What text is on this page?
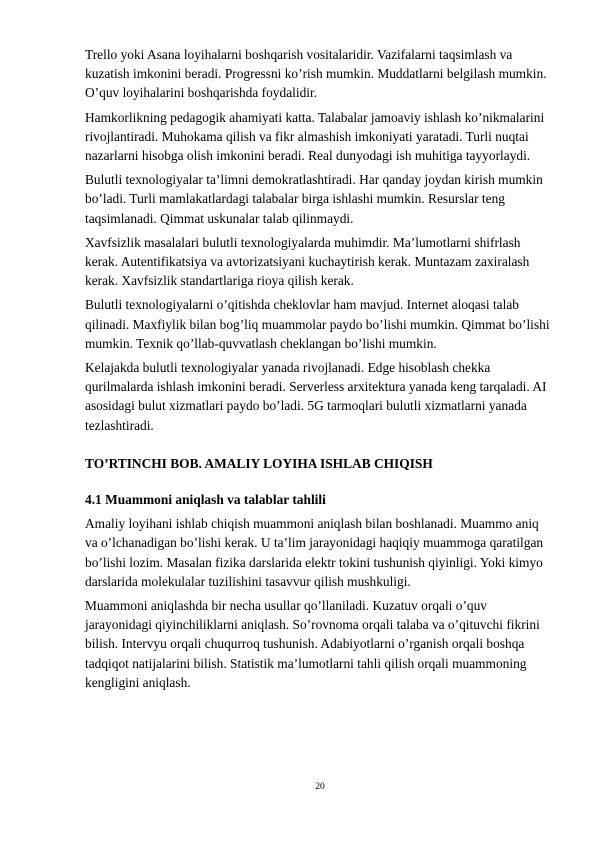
Trello yoki Asana loyihalarni boshqarish vositalaridir. Vazifalarni taqsimlash va kuzatish imkonini beradi. Progressni ko’rish mumkin. Muddatlarni belgilash mumkin. O’quv loyihalarini boshqarishda foydalidir.

Hamkorlikning pedagogik ahamiyati katta. Talabalar jamoaviy ishlash ko’nikmalarini rivojlantiradi. Muhokama qilish va fikr almashish imkoniyati yaratadi. Turli nuqtai nazarlarni hisobga olish imkonini beradi. Real dunyodagi ish muhitiga tayyorlaydi.

Bulutli texnologiyalar ta’limni demokratlashtiradi. Har qanday joydan kirish mumkin bo’ladi. Turli mamlakatlardagi talabalar birga ishlashi mumkin. Resurslar teng taqsimlanadi. Qimmat uskunalar talab qilinmaydi.

Xavfsizlik masalalari bulutli texnologiyalarda muhimdir. Ma’lumotlarni shifrlash kerak. Autentifikatsiya va avtorizatsiyani kuchaytirish kerak. Muntazam zaxiralash kerak. Xavfsizlik standartlariga rioya qilish kerak.

Bulutli texnologiyalarni o’qitishda cheklovlar ham mavjud. Internet aloqasi talab qilinadi. Maxfiylik bilan bog’liq muammolar paydo bo’lishi mumkin. Qimmat bo’lishi mumkin. Texnik qo’llab-quvvatlash cheklangan bo’lishi mumkin.

Kelajakda bulutli texnologiyalar yanada rivojlanadi. Edge hisoblash chekka qurilmalarda ishlash imkonini beradi. Serverless arxitektura yanada keng tarqaladi. AI asosidagi bulut xizmatlari paydo bo’ladi. 5G tarmoqlari bulutli xizmatlarni yanada tezlashtiradi.

TO’RTINCHI BOB. AMALIY LOYIHA ISHLAB CHIQISH
4.1 Muammoni aniqlash va talablar tahlili

Amaliy loyihani ishlab chiqish muammoni aniqlash bilan boshlanadi. Muammo aniq va o’lchanadigan bo’lishi kerak. U ta’lim jarayonidagi haqiqiy muammoga qaratilgan bo’lishi lozim. Masalan fizika darslarida elektr tokini tushunish qiyinligi. Yoki kimyo darslarida molekulalar tuzilishini tasavvur qilish mushkuligi.

Muammoni aniqlashda bir necha usullar qo’llaniladi. Kuzatuv orqali o’quv jarayonidagi qiyinchiliklarni aniqlash. So’rovnoma orqali talaba va o’qituvchi fikrini bilish. Intervyu orqali chuqurroq tushunish. Adabiyotlarni o’rganish orqali boshqa tadqiqot natijalarini bilish. Statistik ma’lumotlarni tahli qilish orqali muammoning kengligini aniqlash.

20
